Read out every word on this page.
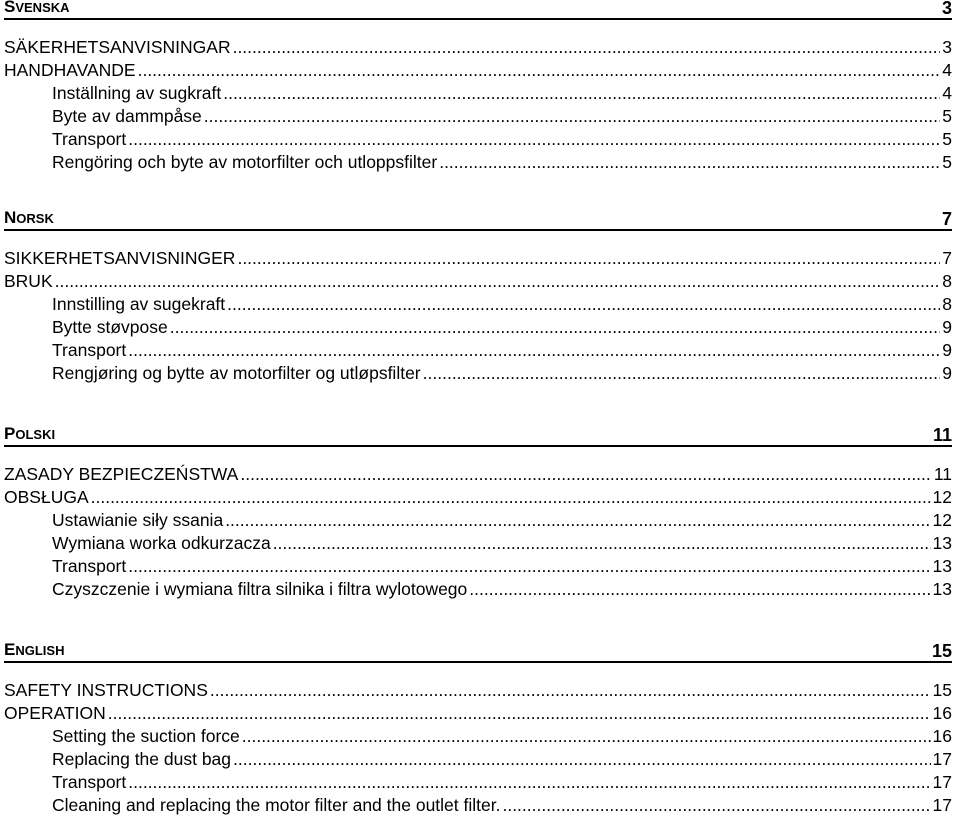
SVENSKA	3
SÄKERHETSANVISNINGAR .....	3
HANDHAVANDE .....	4
Inställning av sugkraft .....	4
Byte av dammpåse .....	5
Transport .....	5
Rengöring och byte av motorfilter och utloppsfilter .....	5
NORSK	7
SIKKERHETSANVISNINGER .....	7
BRUK .....	8
Innstilling av sugekraft .....	8
Bytte støvpose .....	9
Transport .....	9
Rengjøring og bytte av motorfilter og utløpsfilter .....	9
POLSKI	11
ZASADY BEZPIECZEŃSTWA .....	11
OBSŁUGA .....	12
Ustawianie siły ssania .....	12
Wymiana worka odkurzacza .....	13
Transport .....	13
Czyszczenie i wymiana filtra silnika i filtra wylotowego .....	13
ENGLISH	15
SAFETY INSTRUCTIONS .....	15
OPERATION .....	16
Setting the suction force .....	16
Replacing the dust bag .....	17
Transport .....	17
Cleaning and replacing the motor filter and the outlet filter. .....	17
